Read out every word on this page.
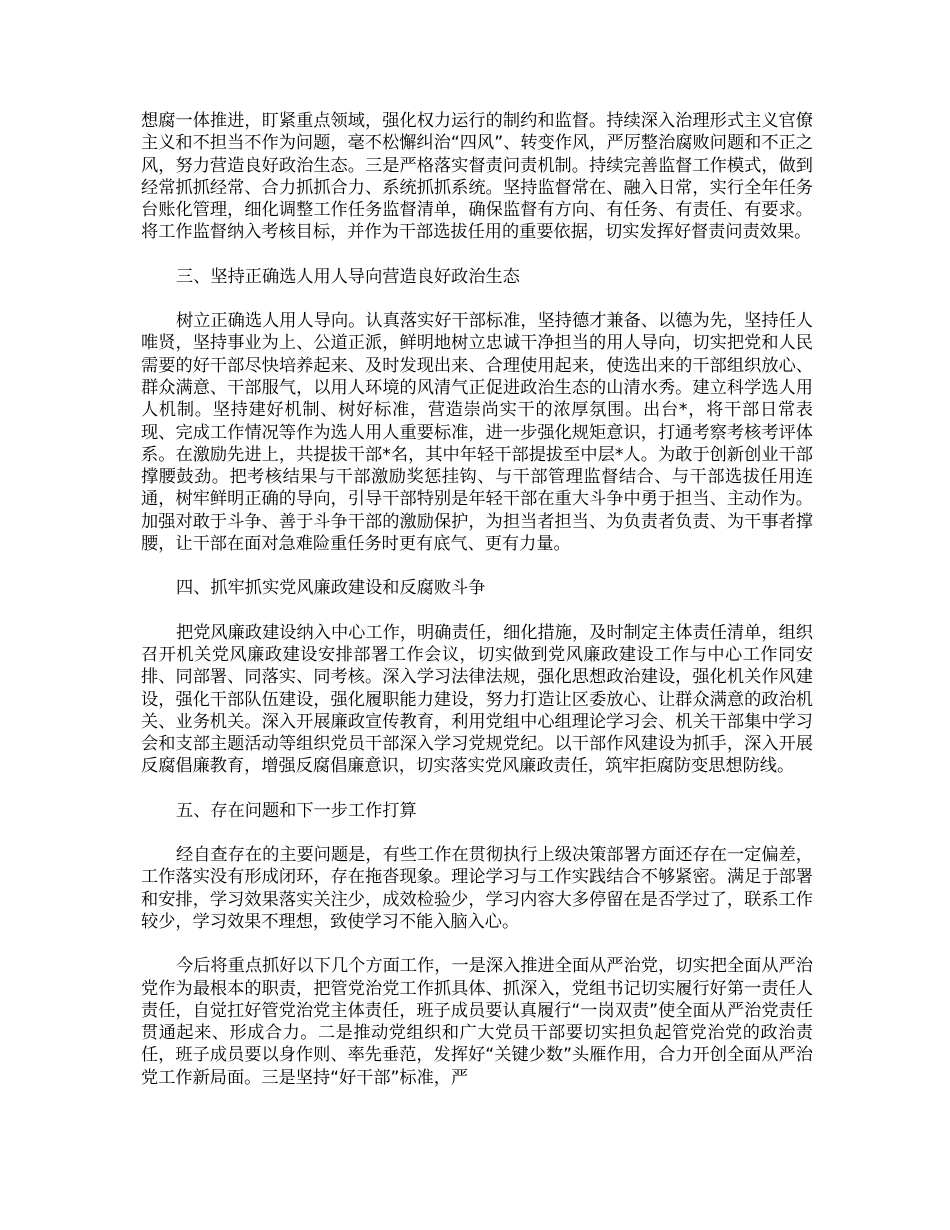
想腐一体推进，盯紧重点领域，强化权力运行的制约和监督。持续深入治理形式主义官僚主义和不担当不作为问题，毫不松懈纠治“四风”、转变作风，严厉整治腐败问题和不正之风，努力营造良好政治生态。三是严格落实督责问责机制。持续完善监督工作模式，做到经常抓抓经常、合力抓抓合力、系统抓抓系统。坚持监督常在、融入日常，实行全年任务台账化管理，细化调整工作任务监督清单，确保监督有方向、有任务、有责任、有要求。将工作监督纳入考核目标，并作为干部选拔任用的重要依据，切实发挥好督责问责效果。

三、坚持正确选人用人导向营造良好政治生态

树立正确选人用人导向。认真落实好干部标准，坚持德才兼备、以德为先，坚持任人唯贤，坚持事业为上、公道正派，鲜明地树立忠诚干净担当的用人导向，切实把党和人民需要的好干部尽快培养起来、及时发现出来、合理使用起来，使选出来的干部组织放心、群众满意、干部服气，以用人环境的风清气正促进政治生态的山清水秀。建立科学选人用人机制。坚持建好机制、树好标准，营造崇尚实干的浓厚氛围。出台*，将干部日常表现、完成工作情况等作为选人用人重要标准，进一步强化规矩意识，打通考察考核考评体系。在激励先进上，共提拔干部*名，其中年轻干部提拔至中层*人。为敢于创新创业干部撑腰鼓劲。把考核结果与干部激励奖惩挂钩、与干部管理监督结合、与干部选拔任用连通，树牢鲜明正确的导向，引导干部特别是年轻干部在重大斗争中勇于担当、主动作为。加强对敢于斗争、善于斗争干部的激励保护，为担当者担当、为负责者负责、为干事者撑腰，让干部在面对急难险重任务时更有底气、更有力量。

四、抓牢抓实党风廉政建设和反腐败斗争

把党风廉政建设纳入中心工作，明确责任，细化措施，及时制定主体责任清单，组织召开机关党风廉政建设安排部署工作会议，切实做到党风廉政建设工作与中心工作同安排、同部署、同落实、同考核。深入学习法律法规，强化思想政治建设，强化机关作风建设，强化干部队伍建设，强化履职能力建设，努力打造让区委放心、让群众满意的政治机关、业务机关。深入开展廉政宣传教育，利用党组中心组理论学习会、机关干部集中学习会和支部主题活动等组织党员干部深入学习党规党纪。以干部作风建设为抓手，深入开展反腐倡廉教育，增强反腐倡廉意识，切实落实党风廉政责任，筑牢拒腐防变思想防线。

五、存在问题和下一步工作打算

经自查存在的主要问题是，有些工作在贯彻执行上级决策部署方面还存在一定偏差，工作落实没有形成闭环，存在拖沓现象。理论学习与工作实践结合不够紧密。满足于部署和安排，学习效果落实关注少，成效检验少，学习内容大多停留在是否学过了，联系工作较少，学习效果不理想，致使学习不能入脑入心。

今后将重点抓好以下几个方面工作，一是深入推进全面从严治党，切实把全面从严治党作为最根本的职责，把管党治党工作抓具体、抓深入，党组书记切实履行好第一责任人责任，自觉扛好管党治党主体责任，班子成员要认真履行“一岗双责”使全面从严治党责任贯通起来、形成合力。二是推动党组织和广大党员干部要切实担负起管党治党的政治责任，班子成员要以身作则、率先垂范，发挥好“关键少数”头雁作用，合力开创全面从严治党工作新局面。三是坚持“好干部”标准，严
